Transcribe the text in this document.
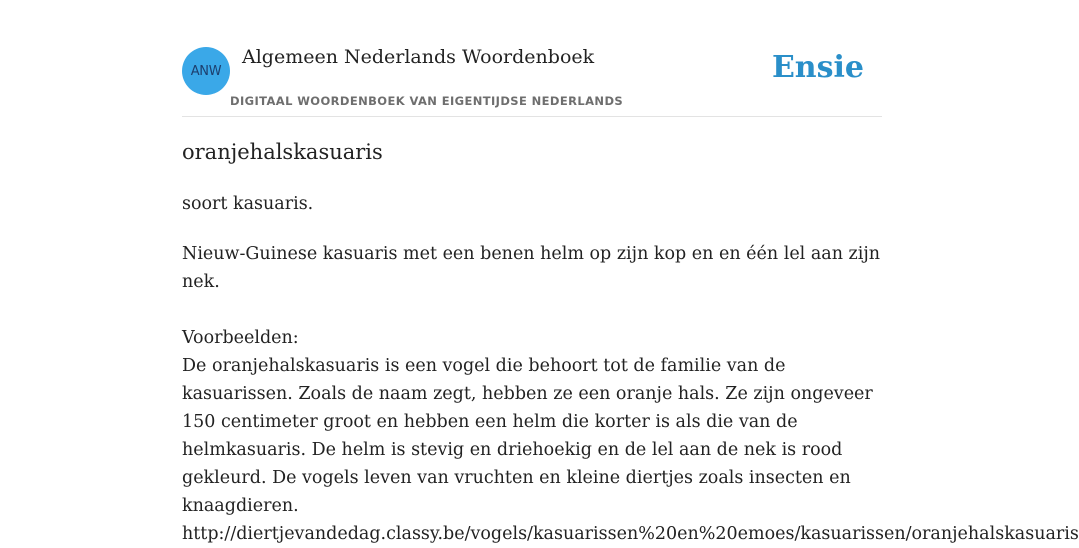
ANW
Algemeen Nederlands Woordenboek
DIGITAAL WOORDENBOEK VAN EIGENTIJDSE NEDERLANDS
Ensie
oranjehalskasuaris
soort kasuaris.
Nieuw-Guinese kasuaris met een benen helm op zijn kop en en één lel aan zijn nek.
Voorbeelden:

De oranjehalskasuaris is een vogel die behoort tot de familie van de kasuarissen. Zoals de naam zegt, hebben ze een oranje hals. Ze zijn ongeveer 150 centimeter groot en hebben een helm die korter is als die van de helmkasuaris. De helm is stevig en driehoekig en de lel aan de nek is rood gekleurd. De vogels leven van vruchten en kleine diertjes zoals insecten en knaagdieren.

http://diertjevandedag.classy.be/vogels/kasuarissen%20en%20emoes/kasuarissen/oranjehalskasuaris
